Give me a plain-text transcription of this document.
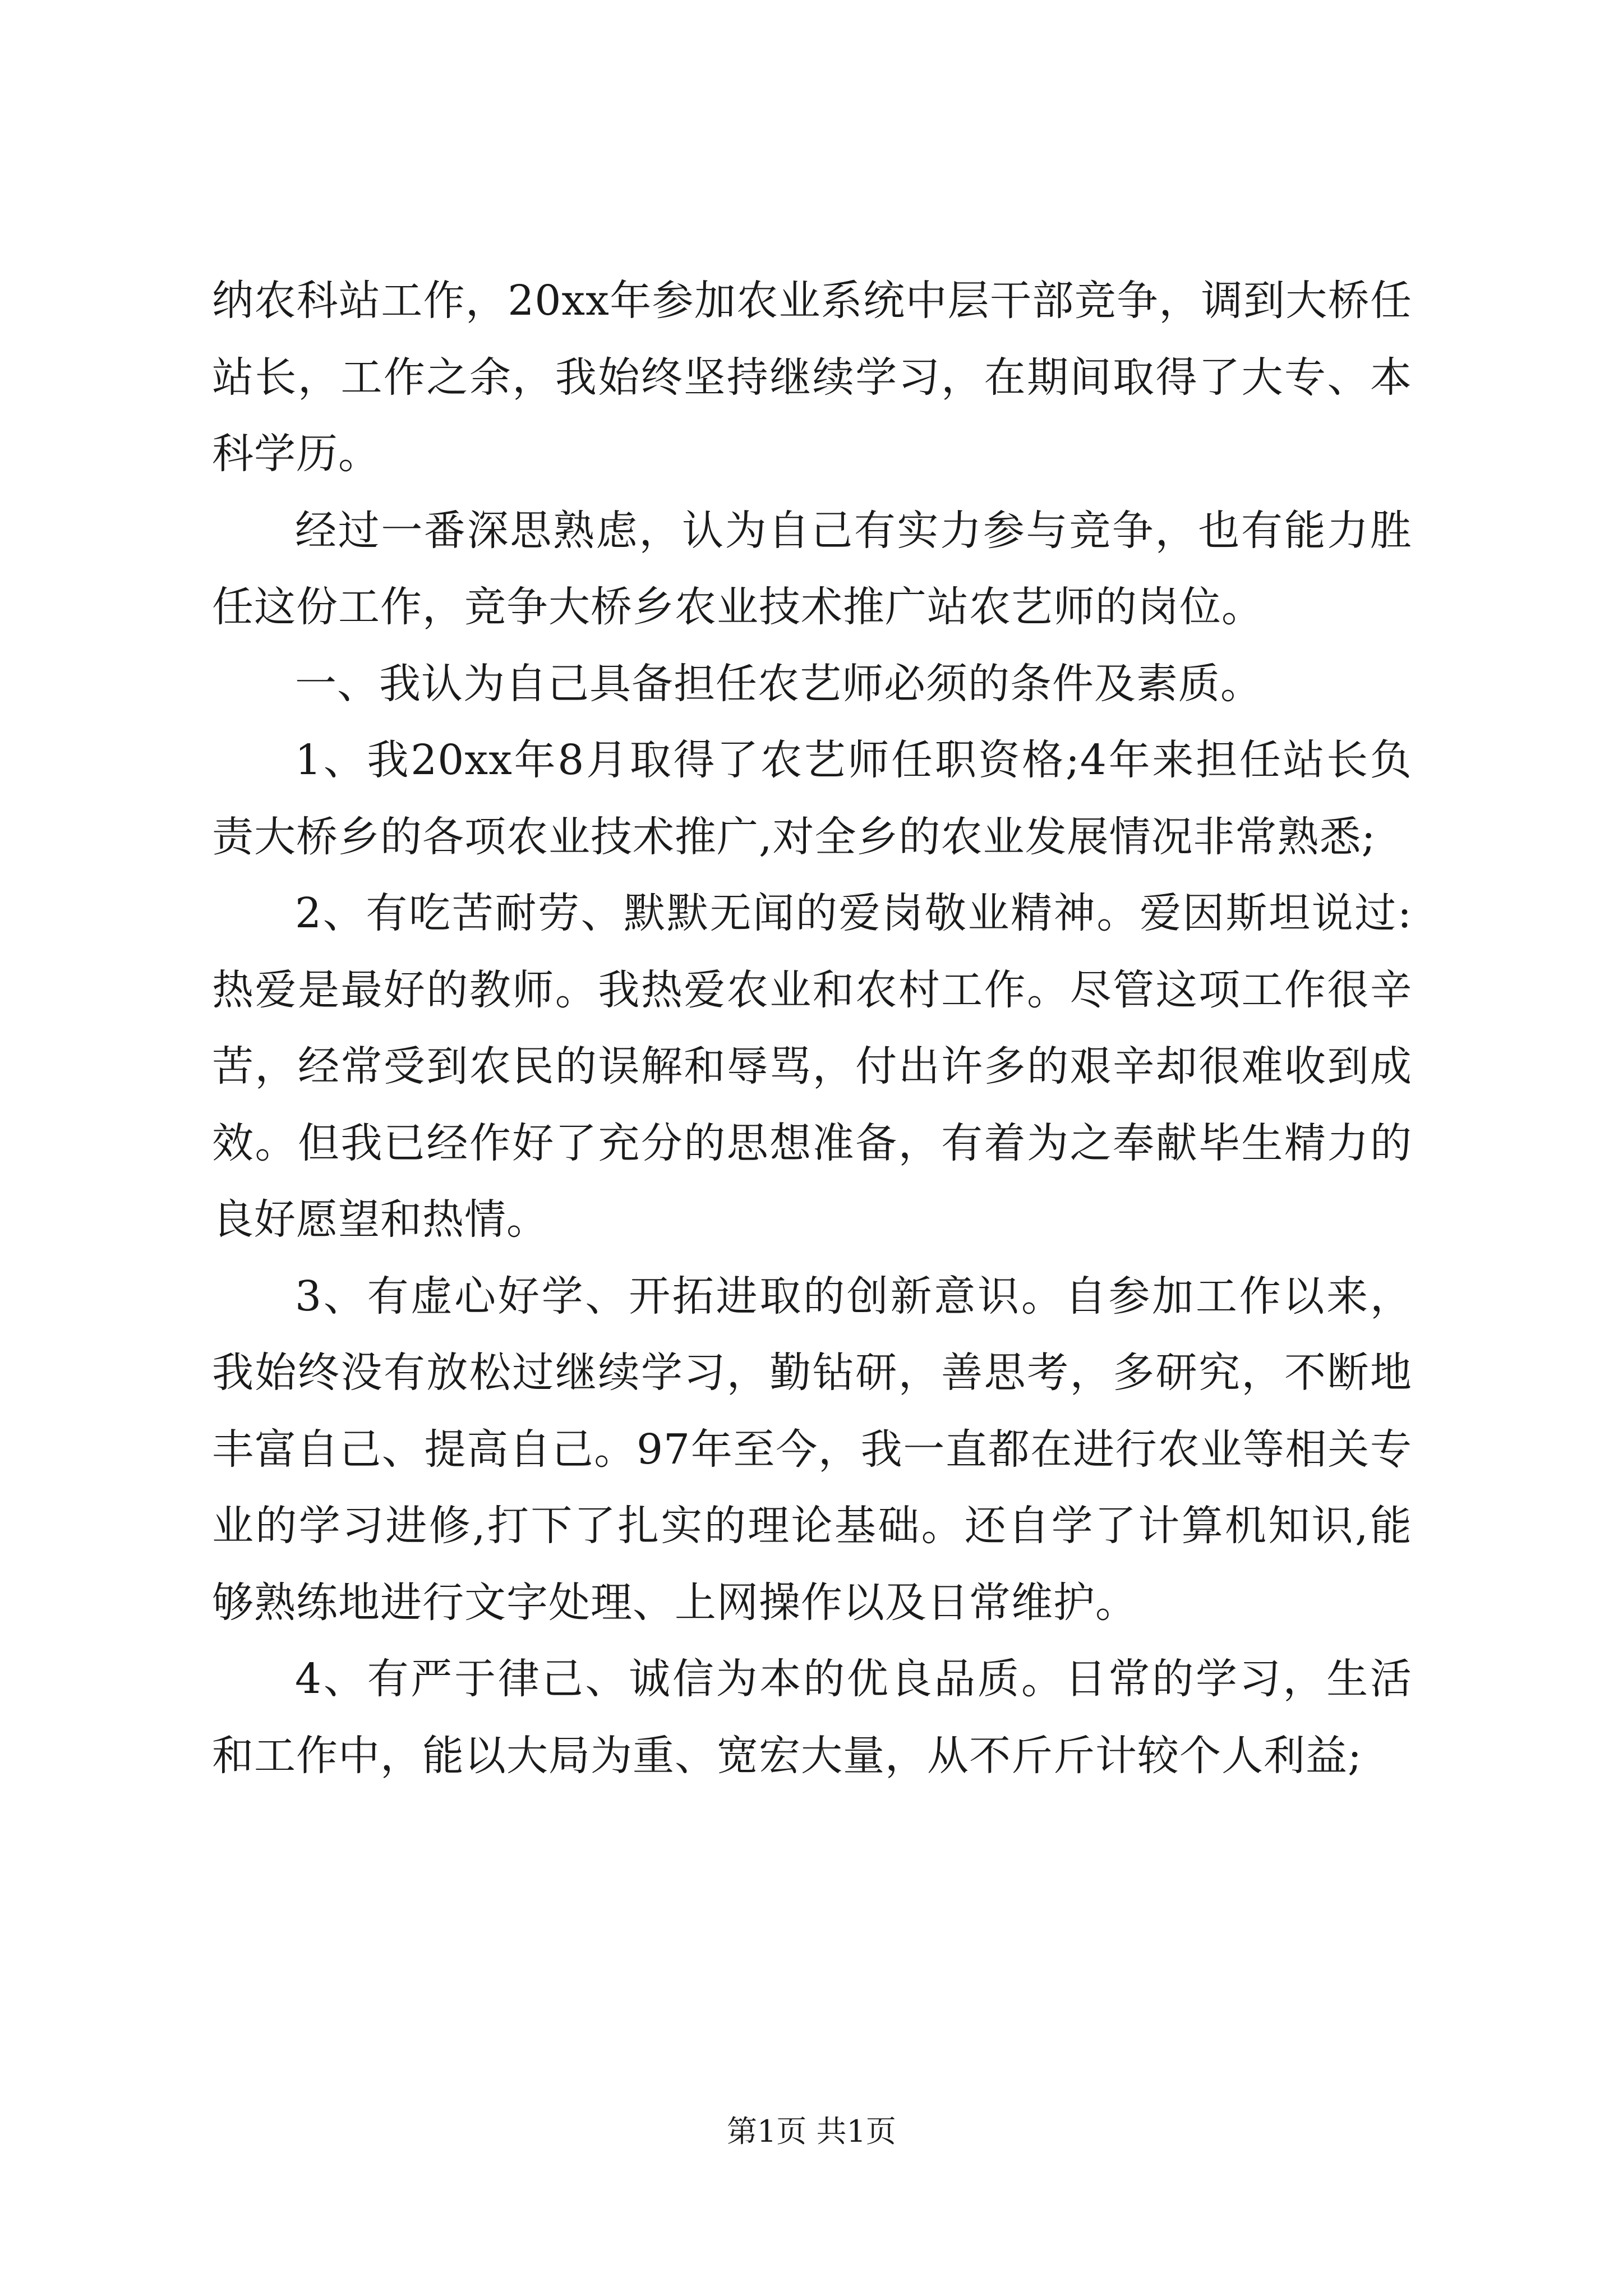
纳农科站工作，20xx年参加农业系统中层干部竞争，调到大桥任站长，工作之余，我始终坚持继续学习，在期间取得了大专、本科学历。

经过一番深思熟虑，认为自己有实力参与竞争，也有能力胜任这份工作，竞争大桥乡农业技术推广站农艺师的岗位。

一、我认为自己具备担任农艺师必须的条件及素质。

1、我20xx年8月取得了农艺师任职资格;4年来担任站长负责大桥乡的各项农业技术推广,对全乡的农业发展情况非常熟悉;

2、有吃苦耐劳、默默无闻的爱岗敬业精神。爱因斯坦说过:热爱是最好的教师。我热爱农业和农村工作。尽管这项工作很辛苦，经常受到农民的误解和辱骂，付出许多的艰辛却很难收到成效。但我已经作好了充分的思想准备，有着为之奉献毕生精力的良好愿望和热情。

3、有虚心好学、开拓进取的创新意识。自参加工作以来，我始终没有放松过继续学习，勤钻研，善思考，多研究，不断地丰富自己、提高自己。97年至今，我一直都在进行农业等相关专业的学习进修,打下了扎实的理论基础。还自学了计算机知识,能够熟练地进行文字处理、上网操作以及日常维护。

4、有严于律己、诚信为本的优良品质。日常的学习，生活和工作中，能以大局为重、宽宏大量，从不斤斤计较个人利益;

第1页 共1页
